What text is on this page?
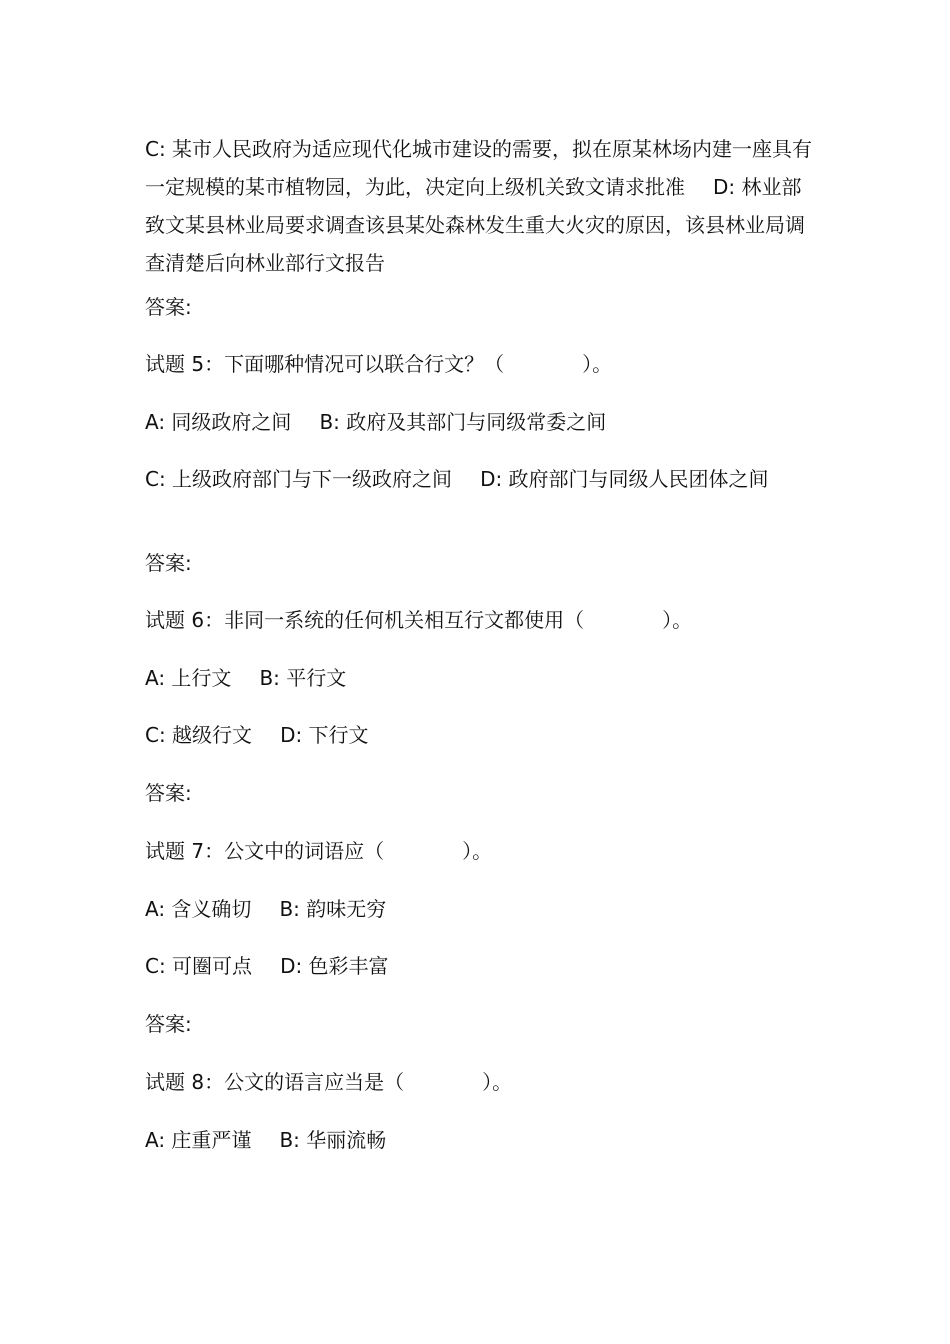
C: 某市人民政府为适应现代化城市建设的需要，拟在原某林场内建一座具有一定规模的某市植物园，为此，决定向上级机关致文请求批准 D: 林业部致文某县林业局要求调查该县某处森林发生重大火灾的原因，该县林业局调查清楚后向林业部行文报告

答案:

试题 5：下面哪种情况可以联合行文？（	）。

A: 同级政府之间 B: 政府及其部门与同级常委之间

C: 上级政府部门与下一级政府之间 D: 政府部门与同级人民团体之间

答案:

试题 6：非同一系统的任何机关相互行文都使用（	）。

A: 上行文 B: 平行文

C: 越级行文 D: 下行文

答案:

试题 7：公文中的词语应（	）。

A: 含义确切 B: 韵味无穷

C: 可圈可点 D: 色彩丰富

答案:

试题 8：公文的语言应当是（	）。

A: 庄重严谨 B: 华丽流畅
